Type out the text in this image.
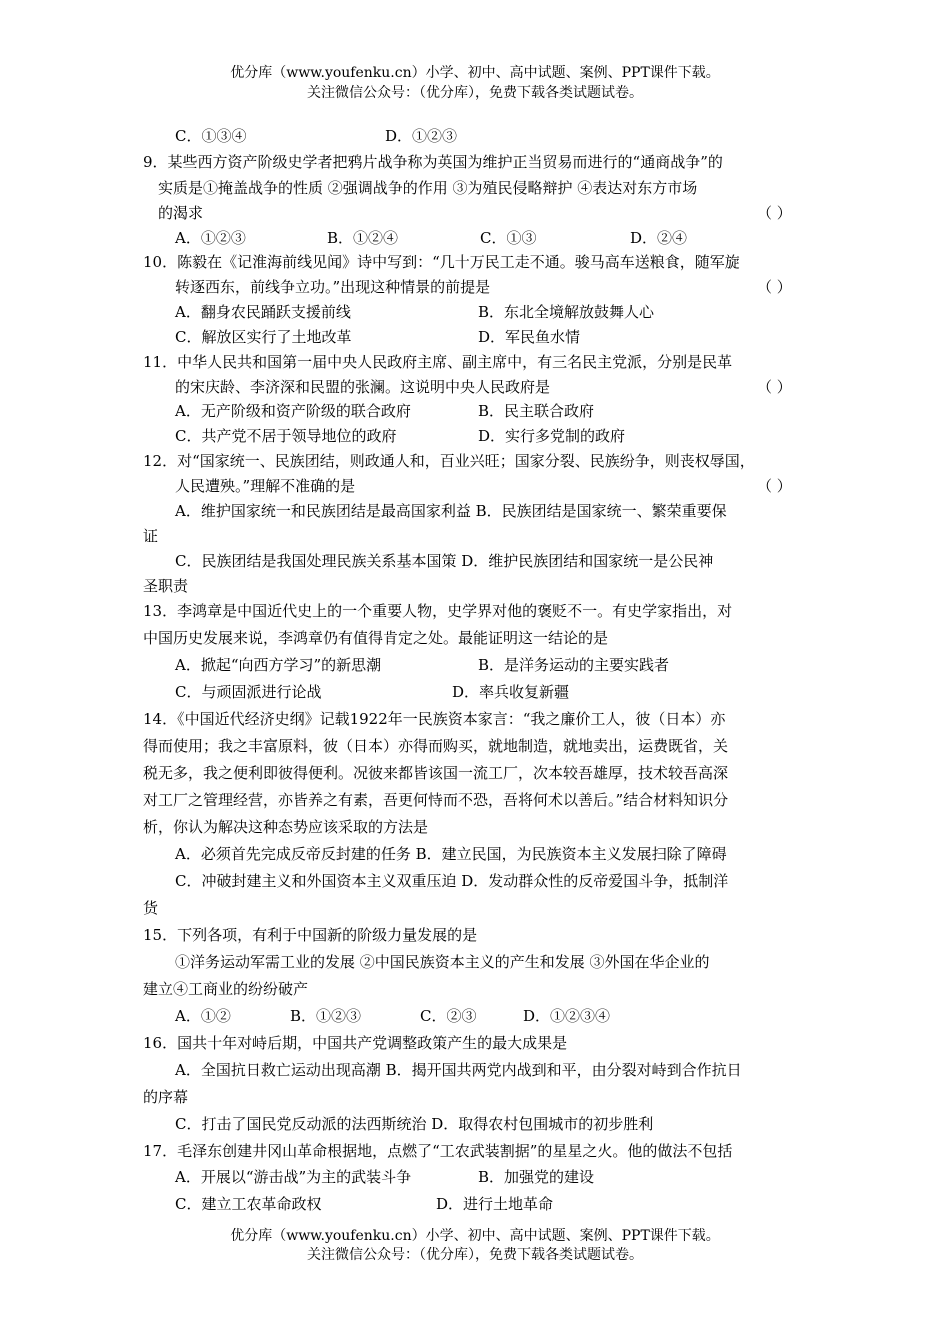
优分库（www.youfenku.cn）小学、初中、高中试题、案例、PPT课件下载。
关注微信公众号：（优分库），免费下载各类试题试卷。
C．①③④	D．①②③
9．某些西方资产阶级史学者把鸦片战争称为英国为维护正当贸易而进行的“通商战争”的
实质是①掩盖战争的性质 ②强调战争的作用 ③为殖民侵略辩护 ④表达对东方市场
的渴求	（ ）
A．①②③	B．①②④	C．①③	D．②④
10．陈毅在《记淮海前线见闻》诗中写到：“几十万民工走不通。骏马高车送粮食，随军旋
转逐西东，前线争立功。”出现这种情景的前提是	（ ）
A．翻身农民踊跃支援前线	B．东北全境解放鼓舞人心
C．解放区实行了土地改革	D．军民鱼水情
11．中华人民共和国第一届中央人民政府主席、副主席中，有三名民主党派，分别是民革
的宋庆龄、李济深和民盟的张澜。这说明中央人民政府是	（ ）
A．无产阶级和资产阶级的联合政府	B．民主联合政府
C．共产党不居于领导地位的政府	D．实行多党制的政府
12．对“国家统一、民族团结，则政通人和，百业兴旺；国家分裂、民族纷争，则丧权辱国，
人民遭殃。”理解不准确的是	（ ）
A．维护国家统一和民族团结是最高国家利益 B．民族团结是国家统一、繁荣重要保
证
C．民族团结是我国处理民族关系基本国策 D．维护民族团结和国家统一是公民神
圣职责
13．李鸿章是中国近代史上的一个重要人物，史学界对他的褒贬不一。有史学家指出，对
中国历史发展来说，李鸿章仍有值得肯定之处。最能证明这一结论的是
A．掀起“向西方学习”的新思潮	B．是洋务运动的主要实践者
C．与顽固派进行论战	D．率兵收复新疆
14．《中国近代经济史纲》记载1922年一民族资本家言：“我之廉价工人，彼（日本）亦
得而使用；我之丰富原料，彼（日本）亦得而购买，就地制造，就地卖出，运费既省，关
税无多，我之便利即彼得便利。况彼来都皆该国一流工厂，次本较吾雄厚，技术较吾高深
对工厂之管理经营，亦皆养之有素，吾更何恃而不恐，吾将何术以善后。”结合材料知识分
析，你认为解决这种态势应该采取的方法是
A．必须首先完成反帝反封建的任务 B．建立民国，为民族资本主义发展扫除了障碍
C．冲破封建主义和外国资本主义双重压迫 D．发动群众性的反帝爱国斗争，抵制洋
货
15．下列各项，有利于中国新的阶级力量发展的是
①洋务运动军需工业的发展 ②中国民族资本主义的产生和发展 ③外国在华企业的
建立④工商业的纷纷破产
A．①②	B．①②③	C．②③	D．①②③④
16．国共十年对峙后期，中国共产党调整政策产生的最大成果是
A．全国抗日救亡运动出现高潮 B．揭开国共两党内战到和平，由分裂对峙到合作抗日
的序幕
C．打击了国民党反动派的法西斯统治 D．取得农村包围城市的初步胜利
17．毛泽东创建井冈山革命根据地，点燃了“工农武装割据”的星星之火。他的做法不包括
A．开展以“游击战”为主的武装斗争	B．加强党的建设
C．建立工农革命政权	D．进行土地革命
优分库（www.youfenku.cn）小学、初中、高中试题、案例、PPT课件下载。
关注微信公众号：（优分库），免费下载各类试题试卷。
